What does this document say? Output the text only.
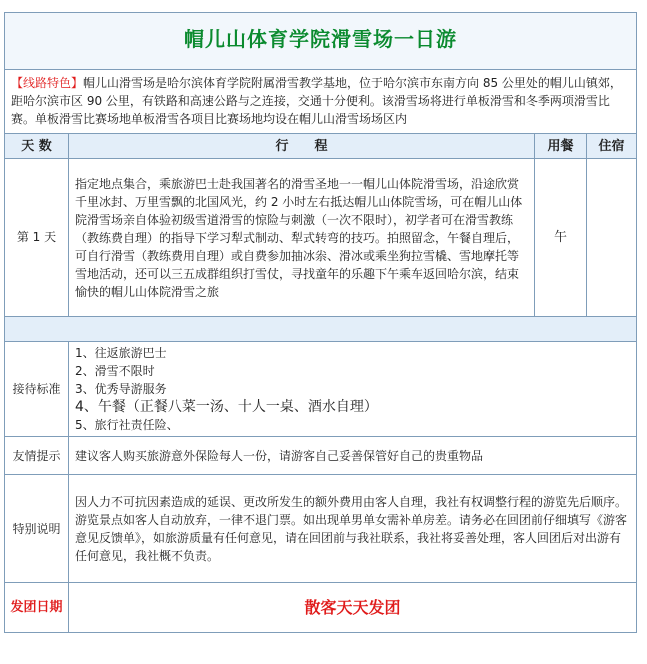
帽儿山体育学院滑雪场一日游			
【线路特色】帽儿山滑雪场是哈尔滨体育学院附属滑雪教学基地，位于哈尔滨市东南方向 85 公里处的帽儿山镇郊，距哈尔滨市区 90 公里，有铁路和高速公路与之连接，交通十分便利。该滑雪场将进行单板滑雪和冬季两项滑雪比赛。单板滑雪比赛场地单板滑雪各项目比赛场地均设在帽儿山滑雪场场区内			
天 数	行　　程	用餐	住宿
第 1 天	指定地点集合，乘旅游巴士赴我国著名的滑雪圣地一一帽儿山体院滑雪场，沿途欣赏千里冰封、万里雪飘的北国风光，约 2 小时左右抵达帽儿山体院雪场，可在帽儿山体院滑雪场亲自体验初级雪道滑雪的惊险与刺激（一次不限时），初学者可在滑雪教练（教练费自理）的指导下学习犁式制动、犁式转弯的技巧。拍照留念，午餐自理后，可自行滑雪（教练费用自理）或自费参加抽冰尜、滑冰或乘坐狗拉雪橇、雪地摩托等雪地活动，还可以三五成群组织打雪仗，寻找童年的乐趣下午乘车返回哈尔滨，结束愉快的帽儿山体院滑雪之旅	午	

接待标准	1、往返旅游巴士
2、滑雪不限时
3、优秀导游服务
4、午餐（正餐八菜一汤、十人一桌、酒水自理）
5、旅行社责任险、		

友情提示	建议客人购买旅游意外保险每人一份，请游客自己妥善保管好自己的贵重物品		
特别说明	因人力不可抗因素造成的延误、更改所发生的额外费用由客人自理，我社有权调整行程的游览先后顺序。游览景点如客人自动放弃，一律不退门票。如出现单男单女需补单房差。请务必在回团前仔细填写《游客意见反馈单》，如旅游质量有任何意见，请在回团前与我社联系，我社将妥善处理，客人回团后对出游有任何意见，我社概不负责。		
发团日期	散客天天发团		
